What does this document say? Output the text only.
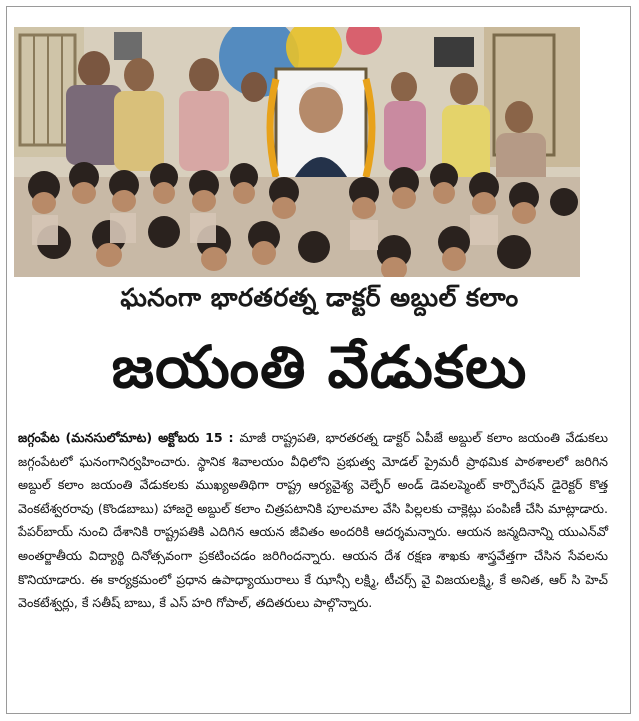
ఘనంగా భారతరత్న డాక్టర్ అబ్దుల్ కలాం
జయంతి వేడుకలు
జగ్గంపేట (మనసులోమాట) అక్టోబరు 15 : మాజీ రాష్ట్రపతి, భారతరత్న డాక్టర్ ఏపీజే అబ్దుల్ కలాం జయంతి వేడుకలు జగ్గంపేటలో ఘనంగానిర్వహించారు. స్థానిక శివాలయం వీధిలోని ప్రభుత్వ మోడల్ ప్రైమరీ ప్రాథమిక పాఠశాలలో జరిగిన అబ్దుల్ కలాం జయంతి వేడుకలకు ముఖ్యఅతిథిగా రాష్ట్ర ఆర్యవైశ్య వెల్ఫేర్ అండ్ డెవలప్మెంట్ కార్పొరేషన్ డైరెక్టర్ కొత్త వెంకటేశ్వరరావు (కొండబాబు) హాజరై అబ్దుల్ కలాం చిత్రపటానికి పూలమాల వేసి పిల్లలకు చాక్లెట్లు పంపిణీ చేసి మాట్లాడారు. పేపర్‌బాయ్ నుంచి దేశానికి రాష్ట్రపతికి ఎదిగిన ఆయన జీవితం అందరికి ఆదర్శమన్నారు. ఆయన జన్మదినాన్ని యుఎన్‌వో అంతర్జాతీయ విద్యార్థి దినోత్సవంగా ప్రకటించడం జరిగిందన్నారు. ఆయన దేశ రక్షణ శాఖకు శాస్త్రవేత్తగా చేసిన సేవలను కొనియాడారు. ఈ కార్యక్రమంలో ప్రధాన ఉపాధ్యాయురాలు కే ఝాన్సీ లక్ష్మి, టీచర్స్ వై విజయలక్ష్మి, కే అనిత, ఆర్ సి హెచ్ వెంకటేశ్వర్లు, కే సతీష్ బాబు, కే ఎస్ హరి గోపాల్, తదితరులు పాల్గొన్నారు.
